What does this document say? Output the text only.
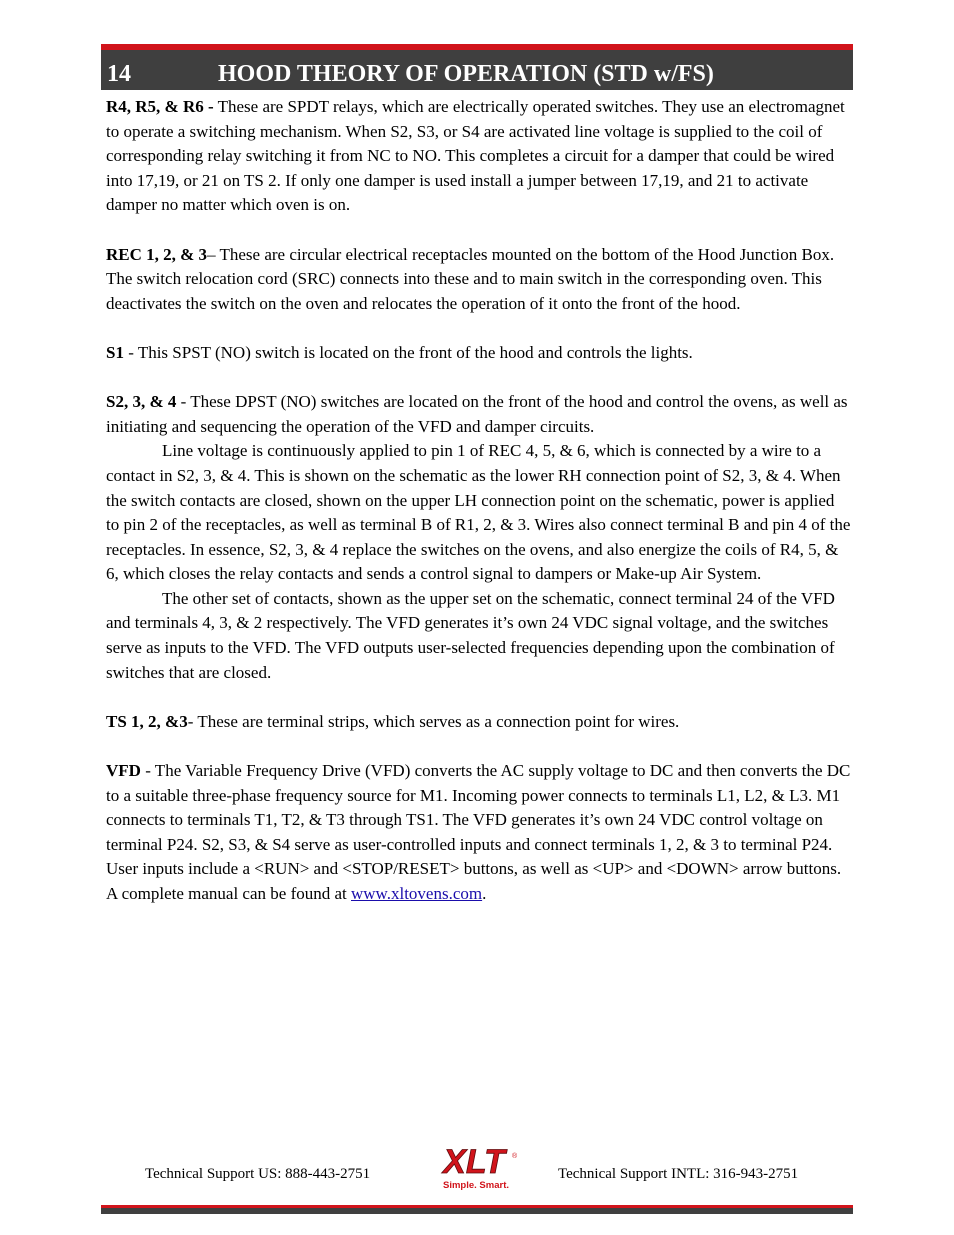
14	HOOD THEORY OF OPERATION (STD w/FS)

R4, R5, & R6 - These are SPDT relays, which are electrically operated switches. They use an electromagnet to operate a switching mechanism. When S2, S3, or S4 are activated line voltage is supplied to the coil of corresponding relay switching it from NC to NO. This completes a circuit for a damper that could be wired into 17,19, or 21 on TS 2. If only one damper is used install a jumper between 17,19, and 21 to activate damper no matter which oven is on.

REC 1, 2, & 3– These are circular electrical receptacles mounted on the bottom of the Hood Junction Box. The switch relocation cord (SRC) connects into these and to main switch in the corresponding oven. This deactivates the switch on the oven and relocates the operation of it onto the front of the hood.

S1 - This SPST (NO) switch is located on the front of the hood and controls the lights.

S2, 3, & 4 - These DPST (NO) switches are located on the front of the hood and control the ovens, as well as initiating and sequencing the operation of the VFD and damper circuits.

Line voltage is continuously applied to pin 1 of REC 4, 5, & 6, which is connected by a wire to a contact in S2, 3, & 4. This is shown on the schematic as the lower RH connection point of S2, 3, & 4. When the switch contacts are closed, shown on the upper LH connection point on the schematic, power is applied to pin 2 of the receptacles, as well as terminal B of R1, 2, & 3. Wires also connect terminal B and pin 4 of the receptacles. In essence, S2, 3, & 4 replace the switches on the ovens, and also energize the coils of R4, 5, & 6, which closes the relay contacts and sends a control signal to dampers or Make-up Air System.

The other set of contacts, shown as the upper set on the schematic, connect terminal 24 of the VFD and terminals 4, 3, & 2 respectively. The VFD generates it’s own 24 VDC signal voltage, and the switches serve as inputs to the VFD. The VFD outputs user-selected frequencies depending upon the combination of switches that are closed.

TS 1, 2, &3- These are terminal strips, which serves as a connection point for wires.

VFD - The Variable Frequency Drive (VFD) converts the AC supply voltage to DC and then converts the DC to a suitable three-phase frequency source for M1. Incoming power connects to terminals L1, L2, & L3. M1 connects to terminals T1, T2, & T3 through TS1. The VFD generates it’s own 24 VDC control voltage on terminal P24. S2, S3, & S4 serve as user-controlled inputs and connect terminals 1, 2, & 3 to terminal P24. User inputs include a <RUN> and <STOP/RESET> buttons, as well as <UP> and <DOWN> arrow buttons. A complete manual can be found at www.xltovens.com.

Technical Support US: 888-443-2751 XLT	®
Simple. Smart.
Technical Support INTL: 316-943-2751
